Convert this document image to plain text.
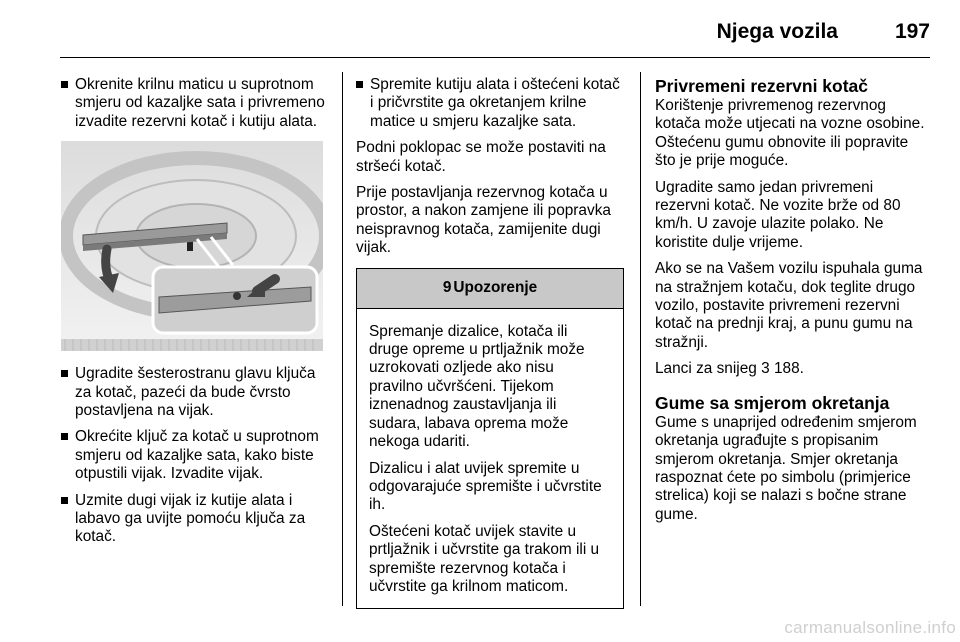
Njega vozila	197
Okrenite krilnu maticu u suprotnom smjeru od kazaljke sata i privremeno izvadite rezervni kotač i kutiju alata.
Ugradite šesterostranu glavu ključa za kotač, pazeći da bude čvrsto postavljena na vijak.
Okrećite ključ za kotač u suprotnom smjeru od kazaljke sata, kako biste otpustili vijak. Izvadite vijak.
Uzmite dugi vijak iz kutije alata i labavo ga uvijte pomoću ključa za kotač.
Spremite kutiju alata i oštećeni kotač i pričvrstite ga okretanjem krilne matice u smjeru kazaljke sata.
Podni poklopac se može postaviti na stršeći kotač.
Prije postavljanja rezervnog kotača u prostor, a nakon zamjene ili popravka neispravnog kotača, zamijenite dugi vijak.
9 Upozorenje
Spremanje dizalice, kotača ili druge opreme u prtljažnik može uzrokovati ozljede ako nisu pravilno učvršćeni. Tijekom iznenadnog zaustavljanja ili sudara, labava oprema može nekoga udariti.
Dizalicu i alat uvijek spremite u odgovarajuće spremište i učvrstite ih.
Oštećeni kotač uvijek stavite u prtljažnik i učvrstite ga trakom ili u spremište rezervnog kotača i učvrstite ga krilnom maticom.
Privremeni rezervni kotač
Korištenje privremenog rezervnog kotača može utjecati na vozne osobine. Oštećenu gumu obnovite ili popravite što je prije moguće.
Ugradite samo jedan privremeni rezervni kotač. Ne vozite brže od 80 km/h. U zavoje ulazite polako. Ne koristite dulje vrijeme.
Ako se na Vašem vozilu ispuhala guma na stražnjem kotaču, dok teglite drugo vozilo, postavite privremeni rezervni kotač na prednji kraj, a punu gumu na stražnji.
Lanci za snijeg 3 188.
Gume sa smjerom okretanja
Gume s unaprijed određenim smjerom okretanja ugrađujte s propisanim smjerom okretanja. Smjer okretanja raspoznat ćete po simbolu (primjerice strelica) koji se nalazi s bočne strane gume.
carmanualsonline.info
